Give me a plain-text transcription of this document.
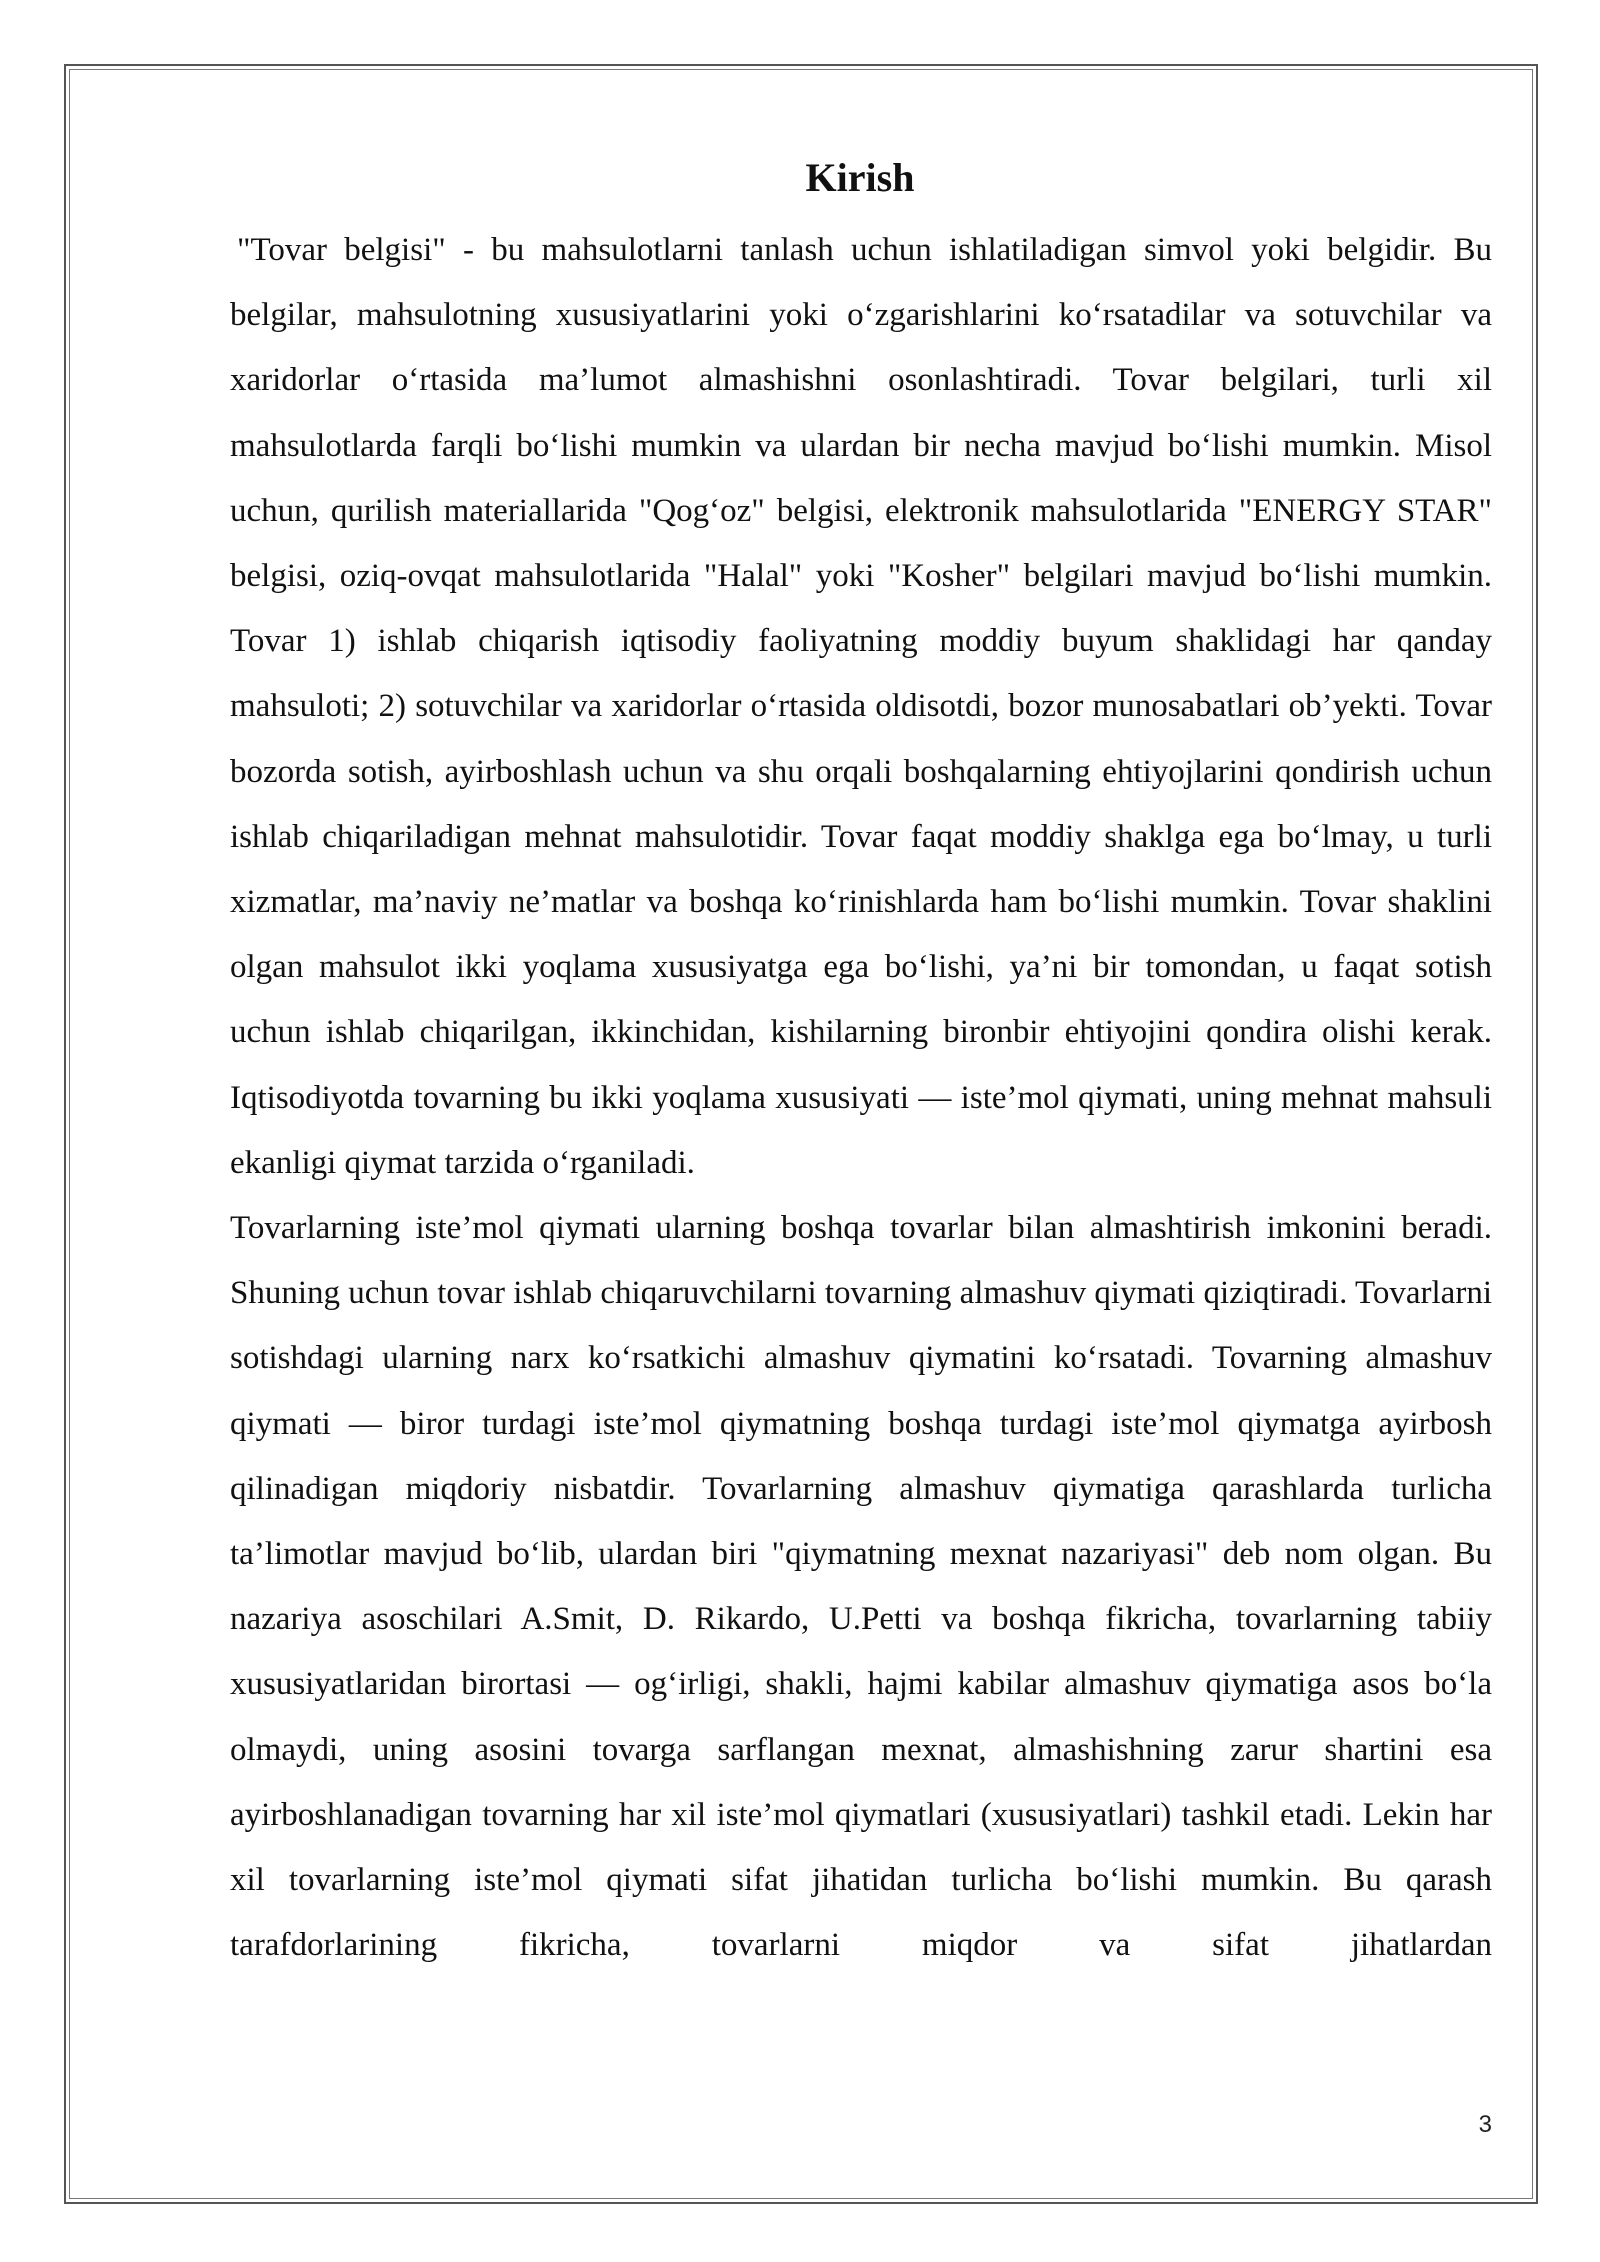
Kirish

"Tovar belgisi" - bu mahsulotlarni tanlash uchun ishlatiladigan simvol yoki belgidir. Bu belgilar, mahsulotning xususiyatlarini yoki o‘zgarishlarini ko‘rsatadilar va sotuvchilar va xaridorlar o‘rtasida ma’lumot almashishni osonlashtiradi. Tovar belgilari, turli xil mahsulotlarda farqli bo‘lishi mumkin va ulardan bir necha mavjud bo‘lishi mumkin. Misol uchun, qurilish materiallarida "Qog‘oz" belgisi, elektronik mahsulotlarida "ENERGY STAR" belgisi, oziq-ovqat mahsulotlarida "Halal" yoki "Kosher" belgilari mavjud bo‘lishi mumkin. Tovar 1) ishlab chiqarish iqtisodiy faoliyatning moddiy buyum shaklidagi har qanday mahsuloti; 2) sotuvchilar va xaridorlar o‘rtasida oldisotdi, bozor munosabatlari ob’yekti. Tovar bozorda sotish, ayirboshlash uchun va shu orqali boshqalarning ehtiyojlarini qondirish uchun ishlab chiqariladigan mehnat mahsulotidir. Tovar faqat moddiy shaklga ega bo‘lmay, u turli xizmatlar, ma’naviy ne’matlar va boshqa ko‘rinishlarda ham bo‘lishi mumkin. Tovar shaklini olgan mahsulot ikki yoqlama xususiyatga ega bo‘lishi, ya’ni bir tomondan, u faqat sotish uchun ishlab chiqarilgan, ikkinchidan, kishilarning bironbir ehtiyojini qondira olishi kerak. Iqtisodiyotda tovarning bu ikki yoqlama xususiyati — iste’mol qiymati, uning mehnat mahsuli ekanligi qiymat tarzida o‘rganiladi.

Tovarlarning iste’mol qiymati ularning boshqa tovarlar bilan almashtirish imkonini beradi. Shuning uchun tovar ishlab chiqaruvchilarni tovarning almashuv qiymati qiziqtiradi. Tovarlarni sotishdagi ularning narx ko‘rsatkichi almashuv qiymatini ko‘rsatadi. Tovarning almashuv qiymati — biror turdagi iste’mol qiymatning boshqa turdagi iste’mol qiymatga ayirbosh qilinadigan miqdoriy nisbatdir. Tovarlarning almashuv qiymatiga qarashlarda turlicha ta’limotlar mavjud bo‘lib, ulardan biri "qiymatning mexnat nazariyasi" deb nom olgan. Bu nazariya asoschilari A.Smit, D. Rikardo, U.Petti va boshqa fikricha, tovarlarning tabiiy xususiyatlaridan birortasi — og‘irligi, shakli, hajmi kabilar almashuv qiymatiga asos bo‘la olmaydi, uning asosini tovarga sarflangan mexnat, almashishning zarur shartini esa ayirboshlanadigan tovarning har xil iste’mol qiymatlari (xususiyatlari) tashkil etadi. Lekin har xil tovarlarning iste’mol qiymati sifat jihatidan turlicha bo‘lishi mumkin. Bu qarash tarafdorlarining fikricha, tovarlarni miqdor va sifat jihatlardan

3
